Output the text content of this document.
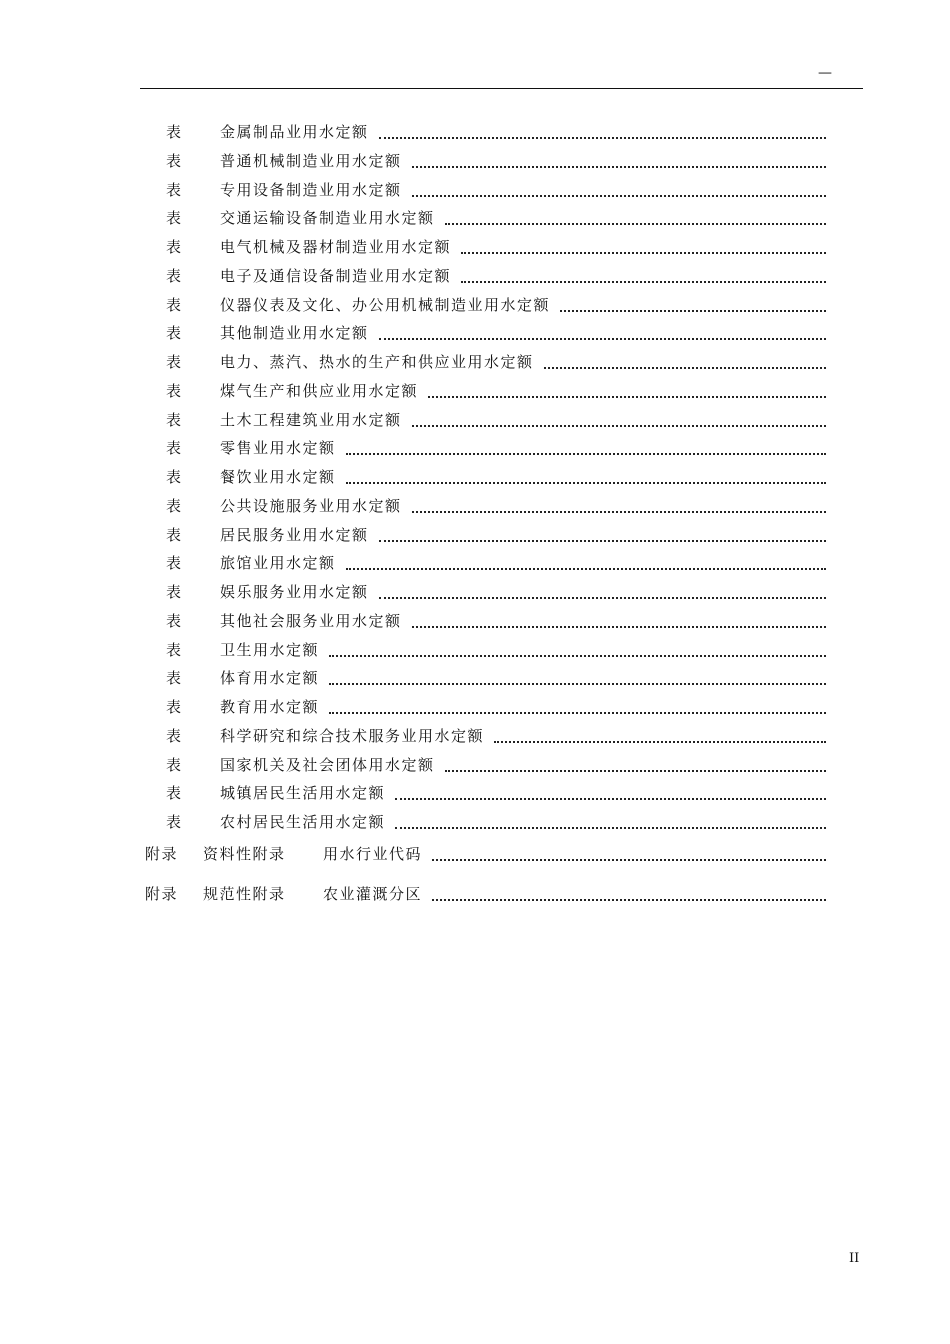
—
表 金属制品业用水定额
表 普通机械制造业用水定额
表 专用设备制造业用水定额
表 交通运输设备制造业用水定额
表 电气机械及器材制造业用水定额
表 电子及通信设备制造业用水定额
表 仪器仪表及文化、办公用机械制造业用水定额
表 其他制造业用水定额
表 电力、蒸汽、热水的生产和供应业用水定额
表 煤气生产和供应业用水定额
表 土木工程建筑业用水定额
表 零售业用水定额
表 餐饮业用水定额
表 公共设施服务业用水定额
表 居民服务业用水定额
表 旅馆业用水定额
表 娱乐服务业用水定额
表 其他社会服务业用水定额
表 卫生用水定额
表 体育用水定额
表 教育用水定额
表 科学研究和综合技术服务业用水定额
表 国家机关及社会团体用水定额
表 城镇居民生活用水定额
表 农村居民生活用水定额
附录 资料性附录 用水行业代码
附录 规范性附录 农业灌溉分区
II
